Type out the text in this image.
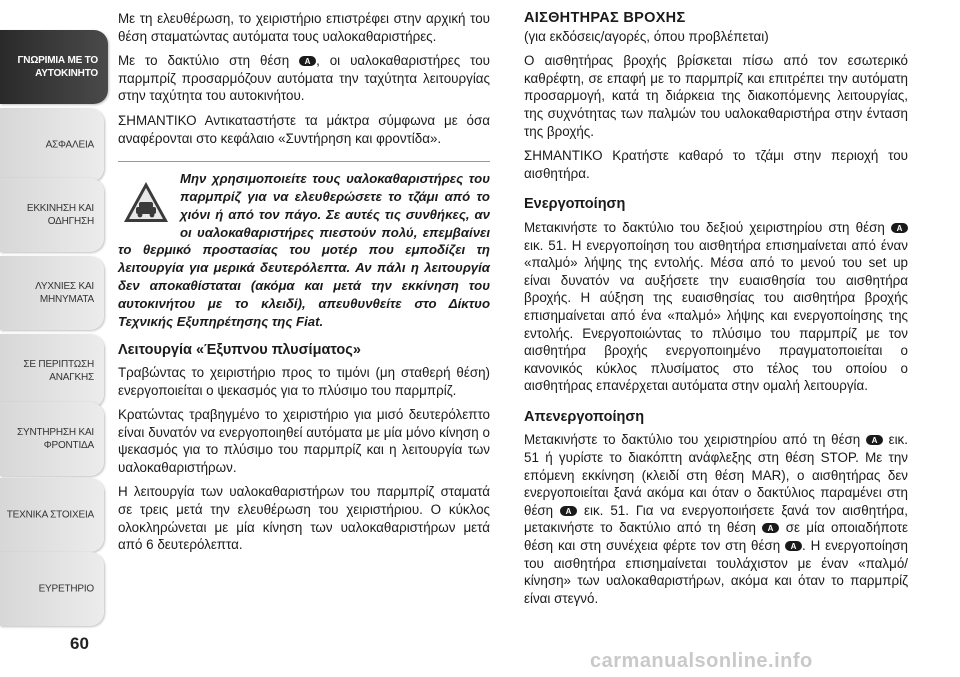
ΓΝΩΡΙΜΙΑ ΜΕ ΤΟ ΑΥΤΟΚΙΝΗΤΟ
ΑΣΦΑΛΕΙΑ
ΕΚΚΙΝΗΣΗ ΚΑΙ ΟΔΗΓΗΣΗ
ΛΥΧΝΙΕΣ ΚΑΙ ΜΗΝΥΜΑΤΑ
ΣΕ ΠΕΡΙΠΤΩΣΗ ΑΝΑΓΚΗΣ
ΣΥΝΤΗΡΗΣΗ ΚΑΙ ΦΡΟΝΤΙΔΑ
ΤΕΧΝΙΚΑ ΣΤΟΙΧΕΙΑ
ΕΥΡΕΤΗΡΙΟ
60

Με τη ελευθέρωση, το χειριστήριο επιστρέφει στην αρχική του θέση σταματώντας αυτόματα τους υαλοκαθαριστήρες.

Με το δακτύλιο στη θέση A , οι υαλοκαθαριστήρες του παρμπρίζ προσαρμόζουν αυτόματα την ταχύτητα λειτουργίας στην ταχύτητα του αυτοκινήτου.

ΣΗΜΑΝΤΙΚΟ Αντικαταστήστε τα μάκτρα σύμφωνα με όσα αναφέρονται στο κεφάλαιο «Συντήρηση και φροντίδα».

Μην χρησιμοποιείτε τους υαλοκαθαριστήρες του παρμπρίζ για να ελευθερώσετε το τζάμι από το χιόνι ή από τον πάγο. Σε αυτές τις συνθήκες, αν οι υαλοκαθαριστήρες πιεστούν πολύ, επεμβαίνει το θερμικό προστασίας του μοτέρ που εμποδίζει τη λειτουργία για μερικά δευτερόλεπτα. Αν πάλι η λειτουργία δεν αποκαθίσταται (ακόμα και μετά την εκκίνηση του αυτοκινήτου με το κλειδί), απευθυνθείτε στο Δίκτυο Τεχνικής Εξυπηρέτησης της Fiat.
Λειτουργία «Έξυπνου πλυσίματος»

Τραβώντας το χειριστήριο προς το τιμόνι (μη σταθερή θέση) ενεργοποιείται ο ψεκασμός για το πλύσιμο του παρμπρίζ.

Κρατώντας τραβηγμένο το χειριστήριο για μισό δευτερόλεπτο είναι δυνατόν να ενεργοποιηθεί αυτόματα με μία μόνο κίνηση ο ψεκασμός για το πλύσιμο του παρμπρίζ και η λειτουργία των υαλοκαθαριστήρων.

Η λειτουργία των υαλοκαθαριστήρων του παρμπρίζ σταματά σε τρεις μετά την ελευθέρωση του χειριστήριου. Ο κύκλος ολοκληρώνεται με μία κίνηση των υαλοκαθαριστήρων μετά από 6 δευτερόλεπτα.

ΑΙΣΘΗΤΗΡΑΣ ΒΡΟΧΗΣ

(για εκδόσεις/αγορές, όπου προβλέπεται)

Ο αισθητήρας βροχής βρίσκεται πίσω από τον εσωτερικό καθρέφτη, σε επαφή με το παρμπρίζ και επιτρέπει την αυτόματη προσαρμογή, κατά τη διάρκεια της διακοπόμενης λειτουργίας, της συχνότητας των παλμών του υαλοκαθαριστήρα στην ένταση της βροχής.

ΣΗΜΑΝΤΙΚΟ Κρατήστε καθαρό το τζάμι στην περιοχή του αισθητήρα.

Ενεργοποίηση

Μετακινήστε το δακτύλιο του δεξιού χειριστηρίου στη θέση A
εικ. 51. Η ενεργοποίηση του αισθητήρα επισημαίνεται από έναν «παλμό» λήψης της εντολής. Μέσα από το μενού του set up είναι δυνατόν να αυξήσετε την ευαισθησία του αισθητήρα βροχής. Η αύξηση της ευαισθησίας του αισθητήρα βροχής επισημαίνεται από ένα «παλμό» λήψης και ενεργοποίησης της εντολής. Ενεργοποιώντας το πλύσιμο του παρμπρίζ με τον αισθητήρα βροχής ενεργοποιημένο πραγματοποιείται ο κανονικός κύκλος πλυσίματος στο τέλος του οποίου ο αισθητήρας επανέρχεται αυτόματα στην ομαλή λειτουργία.

Απενεργοποίηση

Μετακινήστε το δακτύλιο του χειριστηρίου από τη θέση A εικ. 51 ή γυρίστε το διακόπτη ανάφλεξης στη θέση STOP. Με την επόμενη εκκίνηση (κλειδί στη θέση MAR), ο αισθητήρας δεν ενεργοποιείται ξανά ακόμα και όταν ο δακτύλιος παραμένει στη θέση A εικ. 51. Για να ενεργοποιήσετε ξανά τον αισθητήρα, μετακινήστε το δακτύλιο από τη θέση A σε μία οποιαδήποτε θέση και στη συνέχεια φέρτε τον στη θέση A . Η ενεργοποίηση του αισθητήρα επισημαίνεται τουλάχιστον με έναν «παλμό/κίνηση» των υαλοκαθαριστήρων, ακόμα και όταν το παρμπρίζ είναι στεγνό.

carmanualsonline.info
